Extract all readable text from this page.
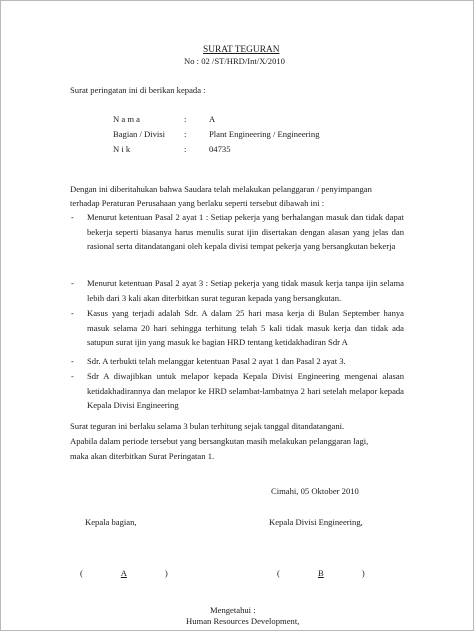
SURAT TEGURAN
No : 02 /ST/HRD/Int/X/2010
Surat peringatan ini di berikan kepada :
N a m a	:	A
Bagian / Divisi :	Plant Engineering / Engineering
N i k	:	04735
Dengan ini diberitahukan bahwa Saudara telah melakukan pelanggaran / penyimpangan
terhadap Peraturan Perusahaan yang berlaku seperti tersebut dibawah ini :
- Menurut ketentuan Pasal 2 ayat 1 : Setiap pekerja yang berhalangan masuk dan tidak dapat bekerja seperti biasanya harus menulis surat ijin disertakan dengan alasan yang jelas dan rasional serta ditandatangani oleh kepala divisi tempat pekerja yang bersangkutan bekerja
- Menurut ketentuan Pasal 2 ayat 3 : Setiap pekerja yang tidak masuk kerja tanpa ijin selama lebih dari 3 kali akan diterbitkan surat teguran kepada yang bersangkutan.
- Kasus yang terjadi adalah Sdr. A dalam 25 hari masa kerja di Bulan September hanya masuk selama 20 hari sehingga terhitung telah 5 kali tidak masuk kerja dan tidak ada satupun surat ijin yang masuk ke bagian HRD tentang ketidakhadiran Sdr A
- Sdr. A terbukti telah melanggar ketentuan Pasal 2 ayat 1 dan Pasal 2 ayat 3.
- Sdr A diwajibkan untuk melapor kepada Kepala Divisi Engineering mengenai alasan ketidakhadirannya dan melapor ke HRD selambat-lambatnya 2 hari setelah melapor kepada Kepala Divisi Engineering
Surat teguran ini berlaku selama 3 bulan terhitung sejak tanggal ditandatangani.
Apabila dalam periode tersebut yang bersangkutan masih melakukan pelanggaran lagi,
maka akan diterbitkan Surat Peringatan 1.
Cimahi, 05 Oktober 2010
Kepala bagian,	Kepala Divisi Engineering,
(	A	)	(	B	)
Mengetahui :
Human Resources Development,
